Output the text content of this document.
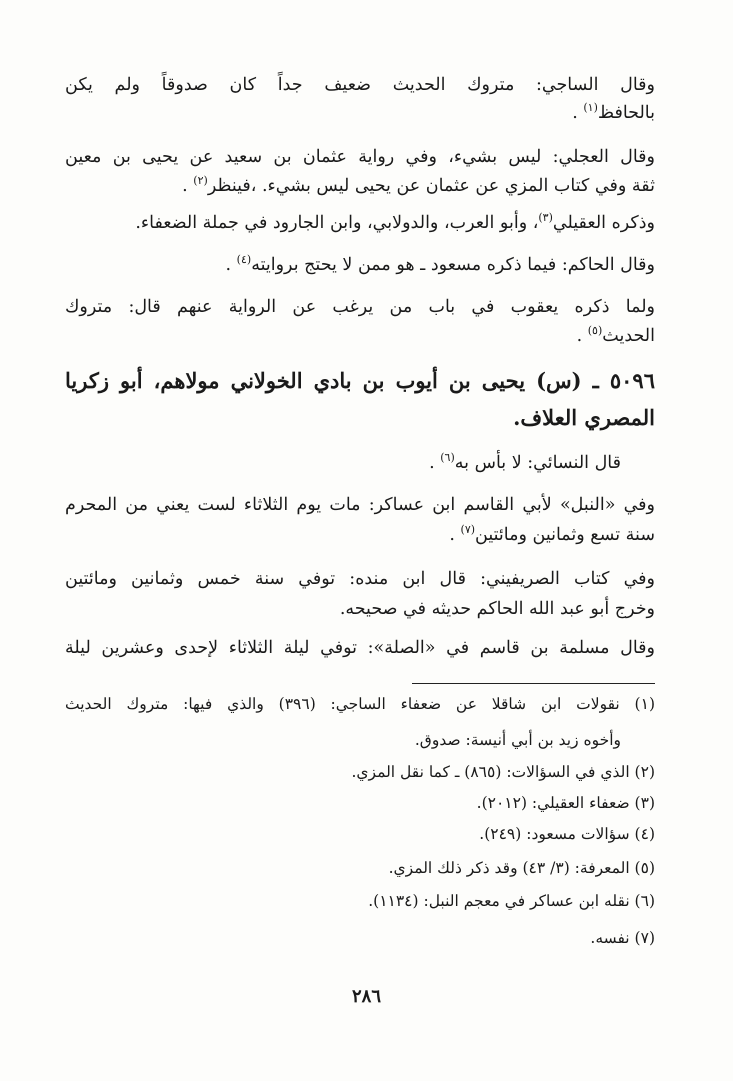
وقال الساجي: متروك الحديث ضعيف جداً كان صدوقاً ولم يكن
بالحافظ$^{(١)}$ .
وقال العجلي: ليس بشيء، وفي رواية عثمان بن سعيد عن يحيى بن معين
ثقة وفي كتاب المزي عن عثمان عن يحيى ليس بشيء. ،فينظر$^{(٢)}$ .
وذكره العقيلي$^{(٣)}$، وأبو العرب، والدولابي، وابن الجارود في جملة الضعفاء.
وقال الحاكم: فيما ذكره مسعود ـ هو ممن لا يحتج بروايته$^{(٤)}$ .
ولما ذكره يعقوب في باب من يرغب عن الرواية عنهم قال: متروك
الحديث$^{(٥)}$ .
٥٠٩٦ ـ (س) يحيى بن أيوب بن بادي الخولاني مولاهم، أبو زكريا
المصري العلاف.
قال النسائي: لا بأس به$^{(٦)}$ .
وفي «النبل» لأبي القاسم ابن عساكر: مات يوم الثلاثاء لست يعني من المحرم
سنة تسع وثمانين ومائتين$^{(٧)}$ .
وفي كتاب الصريفيني: قال ابن منده: توفي سنة خمس وثمانين ومائتين
وخرج أبو عبد الله الحاكم حديثه في صحيحه.
وقال مسلمة بن قاسم في «الصلة»: توفي ليلة الثلاثاء لإحدى وعشرين ليلة
(١) نقولات ابن شاقلا عن ضعفاء الساجي: (٣٩٦) والذي فيها: متروك الحديث
وأخوه زيد بن أبي أنيسة: صدوق.
(٢) الذي في السؤالات: (٨٦٥) ـ كما نقل المزي.
(٣) ضعفاء العقيلي: (٢٠١٢).
(٤) سؤالات مسعود: (٢٤٩).
(٥) المعرفة: (٣/ ٤٣) وقد ذكر ذلك المزي.
(٦) نقله ابن عساكر في معجم النبل: (١١٣٤).
(٧) نفسه.
٢٨٦
